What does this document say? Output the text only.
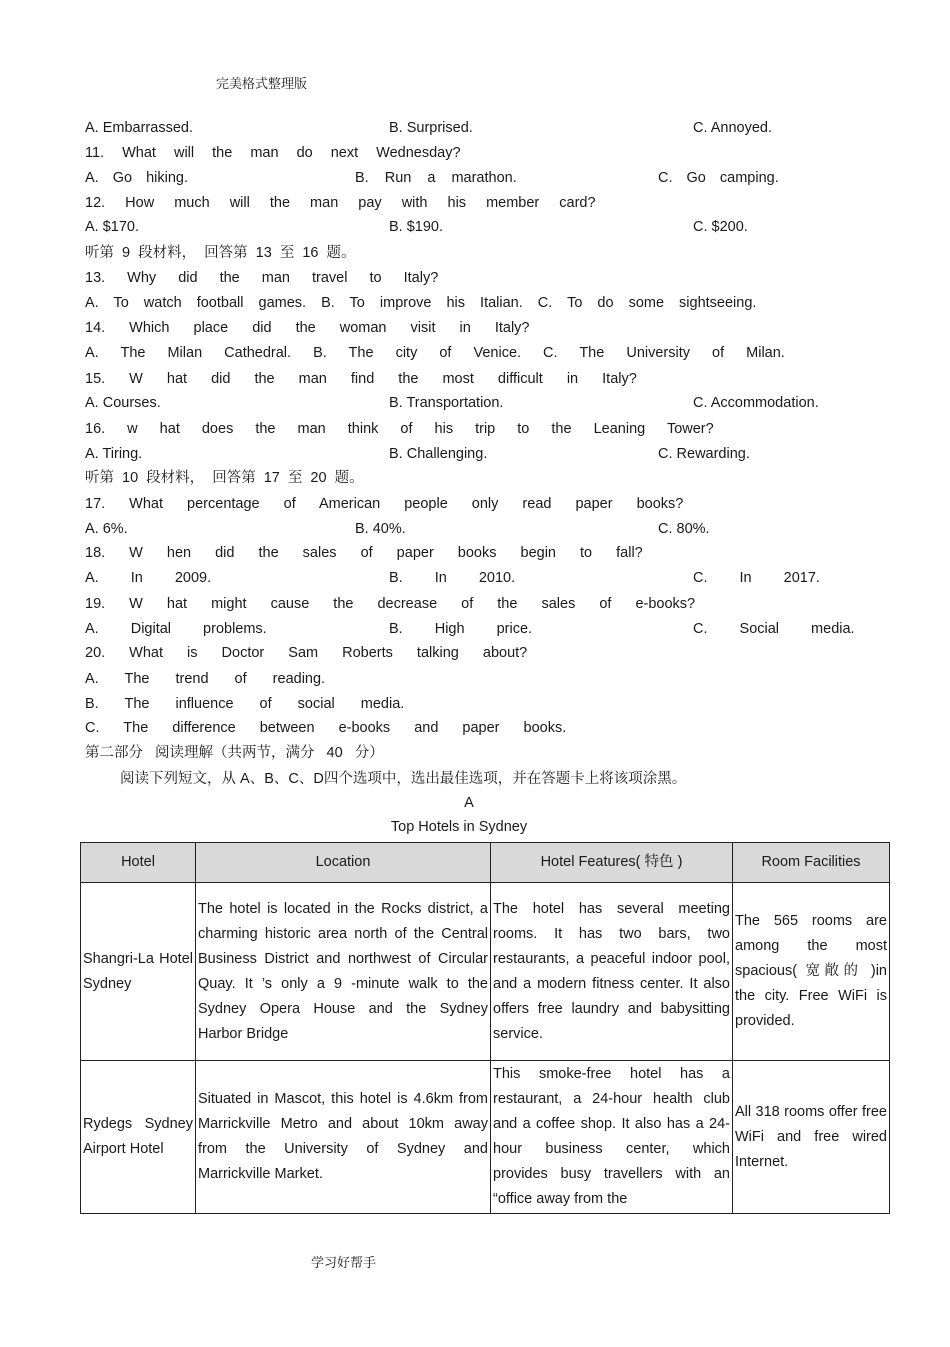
完美格式整理版
A. Embarrassed.	B. Surprised.	C. Annoyed.
11. What will the man do next Wednesday?
A. Go hiking.	B. Run a marathon.	C. Go camping.
12. How much will the man pay with his member card?
A. $170.	B. $190.	C. $200.
听第 9 段材料， 回答第 13 至 16 题。
13. Why did the man travel to Italy?
A. To watch football games. B. To improve his Italian. C. To do some sightseeing.
14. Which place did the woman visit in Italy?
A. The Milan Cathedral. B. The city of Venice. C. The University of Milan.
15. W hat did the man find the most difficult in Italy?
A. Courses.	B. Transportation.	C. Accommodation.
16. w hat does the man think of his trip to the Leaning Tower?
A. Tiring.	B. Challenging.	C. Rewarding.
听第 10 段材料， 回答第 17 至 20 题。
17. What percentage of American people only read paper books?
A. 6%.	B. 40%.	C. 80%.
18. W hen did the sales of paper books begin to fall?
A. In 2009.	B. In 2010.	C. In 2017.
19. W hat might cause the decrease of the sales of e-books?
A. Digital problems.	B. High price.	C. Social media.
20. What is Doctor Sam Roberts talking about?
A. The trend of reading.
B. The influence of social media.
C. The difference between e-books and paper books.
第二部分 阅读理解（共两节，满分 40 分）
阅读下列短文，从 A、B、C、D四个选项中，选出最佳选项，并在答题卡上将该项涂黑。
A
Top Hotels in Sydney
Hotel	Location	Hotel Features( 特色 )	Room Facilities
Shangri-La Hotel Sydney	The hotel is located in the Rocks district, a charming historic area north of the Central Business District and northwest of Circular Quay. It ’s only a 9 -minute walk to the Sydney Opera House and the Sydney Harbor Bridge	The hotel has several meeting rooms. It has two bars, two restaurants, a peaceful indoor pool, and a modern fitness center. It also offers free laundry and babysitting service.	The 565 rooms are among the most spacious( 宽敞的 )in the city. Free WiFi is provided.
Rydegs Sydney Airport Hotel	Situated in Mascot, this hotel is 4.6km from Marrickville Metro and about 10km away from the University of Sydney and Marrickville Market.	This smoke-free hotel has a restaurant, a 24-hour health club and a coffee shop. It also has a 24-hour business center, which provides busy travellers with an “office away from the	All 318 rooms offer free WiFi and free wired Internet.
学习好帮手
